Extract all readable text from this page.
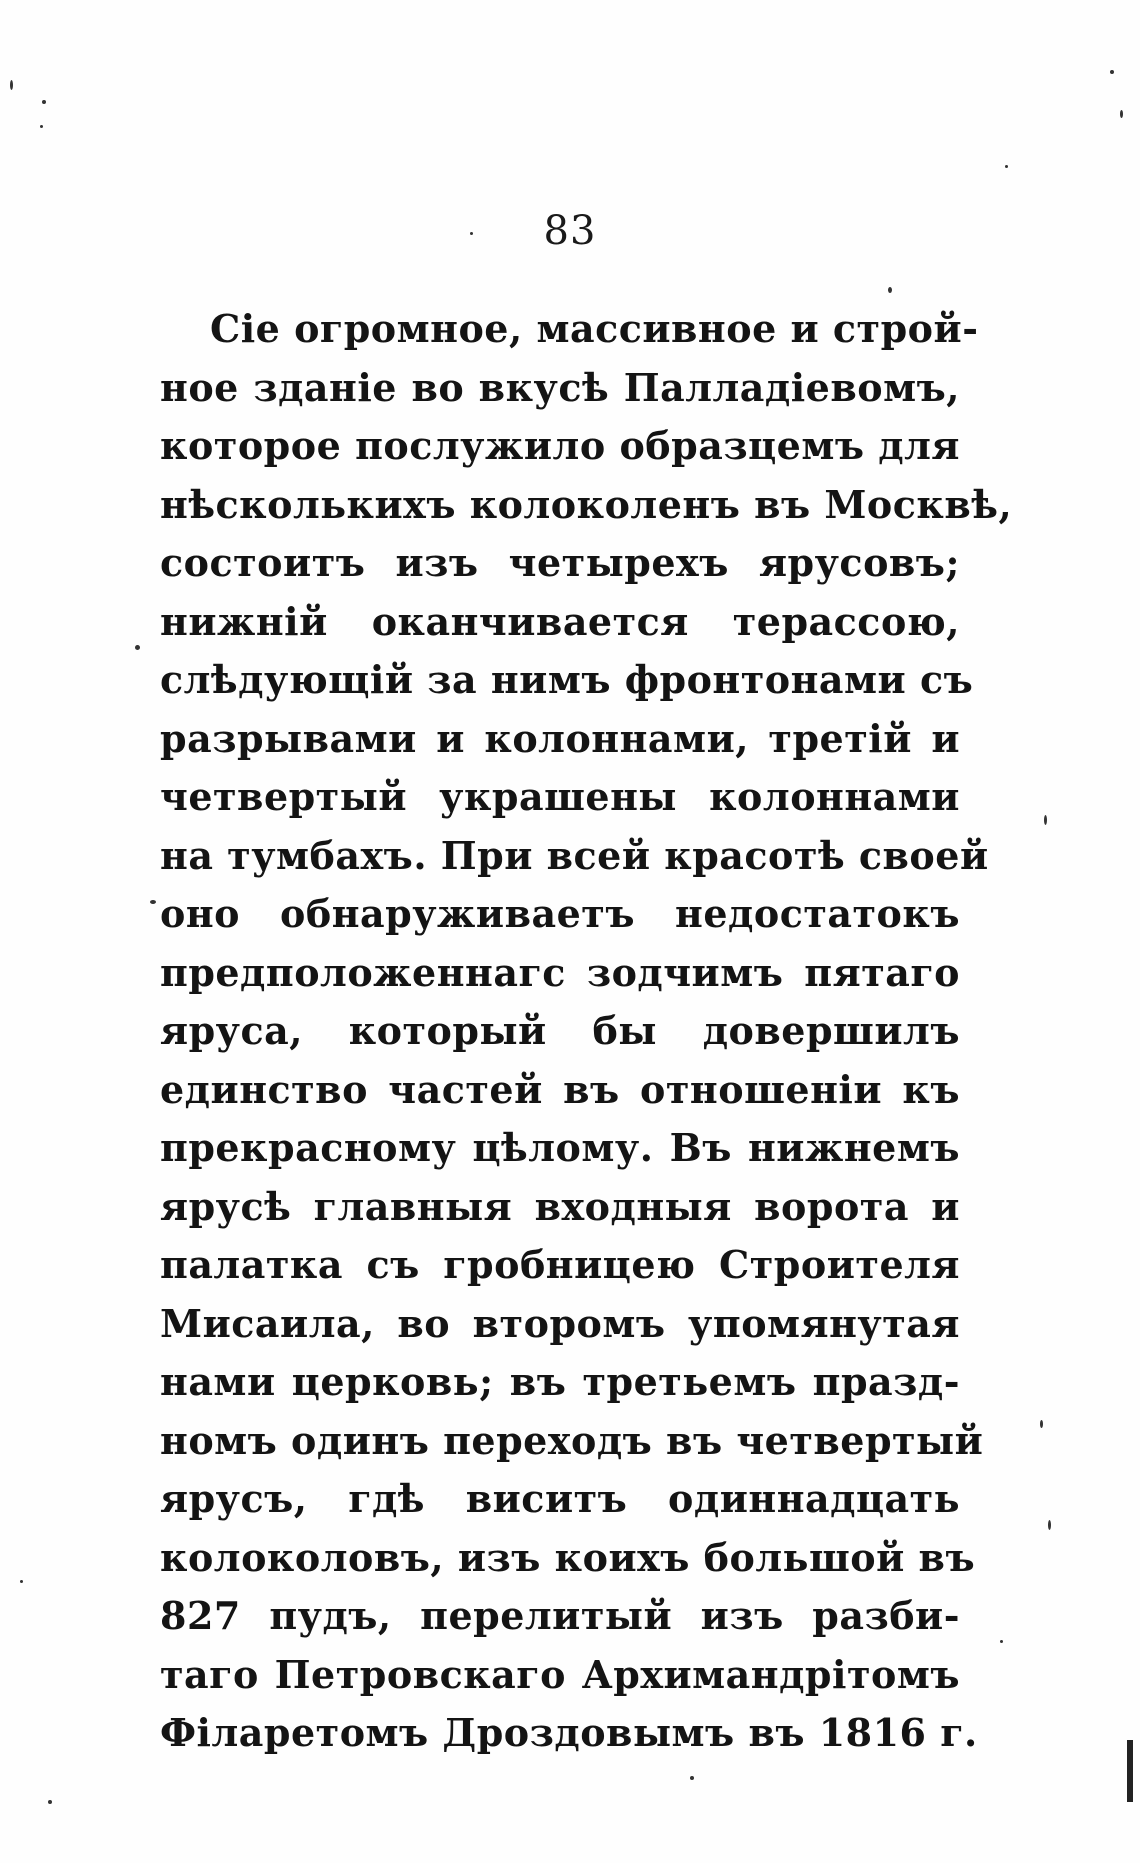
83
Сiе огромное, массивное и строй-
ное зданiе во вкусѣ Палладiевомъ,
которое послужило образцемъ для
нѣсколькихъ колоколенъ въ Москвѣ,
состоитъ изъ четырехъ ярусовъ;
нижнiй оканчивается терассою,
слѣдующiй за нимъ фронтонами съ
разрывами и колоннами, третiй и
четвертый украшены колоннами
на тумбахъ. При всей красотѣ своей
оно обнаруживаетъ недостатокъ
предположеннагс зодчимъ пятаго
яруса, который бы довершилъ
единство частей въ отношенiи къ
прекрасному цѣлому. Въ нижнемъ
ярусѣ главныя входныя ворота и
палатка съ гробницею Строителя
Мисаила, во второмъ упомянутая
нами церковь; въ третьемъ празд-
номъ одинъ переходъ въ четвертый
ярусъ, гдѣ виситъ одиннадцать
колоколовъ, изъ коихъ большой въ
827 пудъ, перелитый изъ разби-
таго Петровскаго Архимандрiтомъ
Фiларетомъ Дроздовымъ въ 1816 г.
